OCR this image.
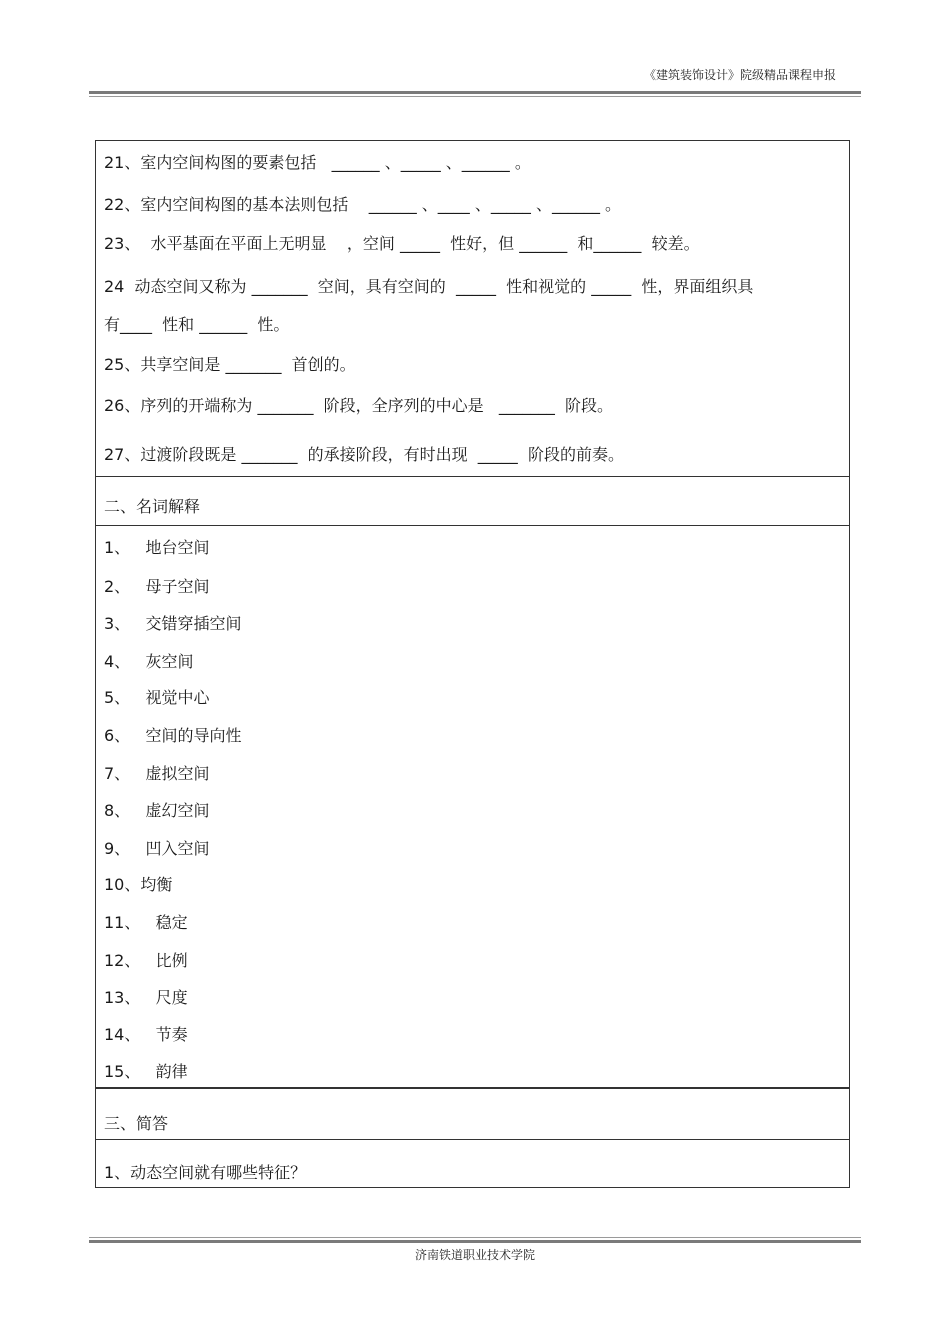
《建筑装饰设计》院级精品课程申报
21、室内空间构图的要素包括   ______ 、_____ 、______ 。
22、室内空间构图的基本法则包括    ______ 、____ 、_____ 、______ 。
23、  水平基面在平面上无明显    ，空间 _____  性好，但 ______  和______  较差。
24  动态空间又称为 _______  空间，具有空间的  _____  性和视觉的 _____  性，界面组织具
有____  性和 ______  性。
25、共享空间是 _______  首创的。
26、序列的开端称为 _______  阶段，全序列的中心是   _______  阶段。
27、过渡阶段既是 _______  的承接阶段，有时出现  _____  阶段的前奏。
二、名词解释
1、   地台空间
2、   母子空间
3、   交错穿插空间
4、   灰空间
5、   视觉中心
6、   空间的导向性
7、   虚拟空间
8、   虚幻空间
9、   凹入空间
10、均衡
11、   稳定
12、   比例
13、   尺度
14、   节奏
15、   韵律
三、简答
1、动态空间就有哪些特征？
济南铁道职业技术学院
